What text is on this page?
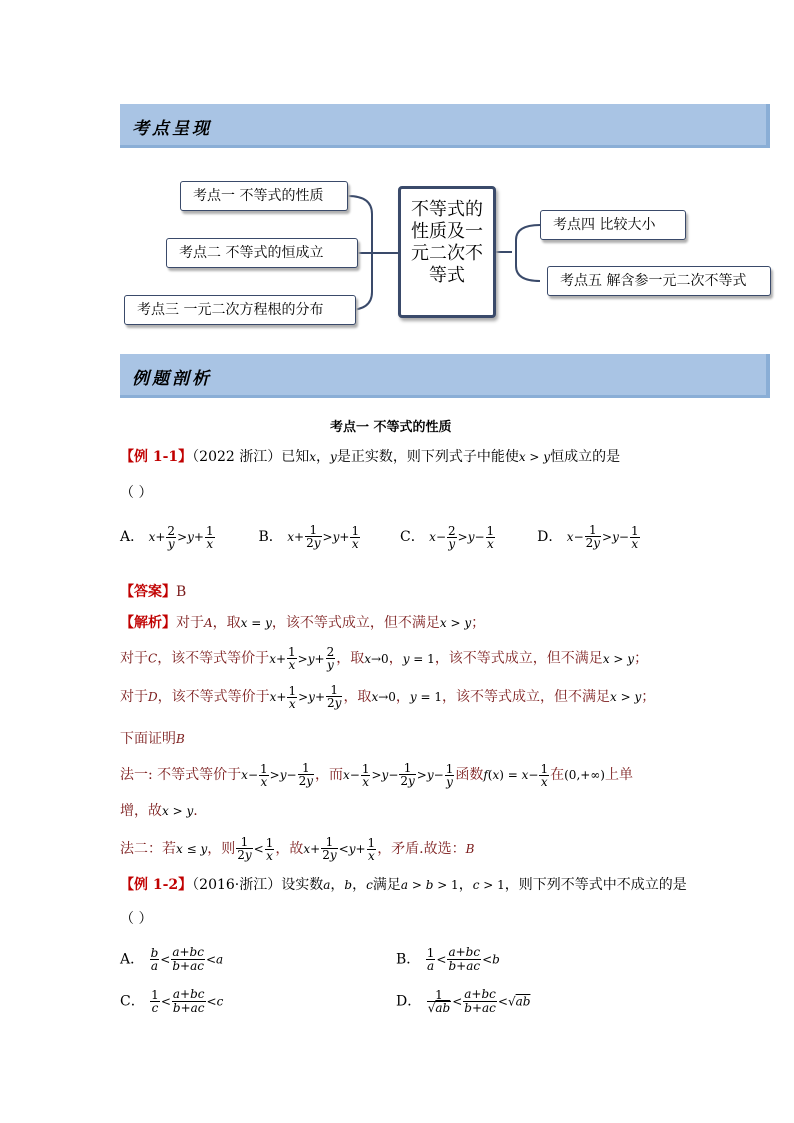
考点呈现
考点一 不等式的性质
考点二 不等式的恒成立
考点三 一元二次方程根的分布
不等式的性质及一元二次不等式
考点四 比较大小
考点五 解含参一元二次不等式
例题剖析
考点一 不等式的性质
【例 1-1】（2022 浙江）已知x，y是正实数，则下列式子中能使x > y恒成立的是
（ ）
A． $x+ \frac{2}{y} >y+ \frac{1}{x}$	B． $x+ \frac{1}{2y} >y+ \frac{1}{x}$	C． $x- \frac{2}{y} >y- \frac{1}{x}$	D． $x- \frac{1}{2y} >y- \frac{1}{x}$
【答案】B
【解析】对于A，取x = y，该不等式成立，但不满足x > y；
对于C，该不等式等价于$x+ \frac{1}{x} >y+ \frac{2}{y}$ ，取x→0，y = 1，该不等式成立，但不满足x > y；
对于D，该不等式等价于$x+ \frac{1}{x} >y+ \frac{1}{2y}$ ，取x→0，y = 1，该不等式成立，但不满足x > y；
下面证明B
法一: 不等式等价于$x- \frac{1}{x} >y- \frac{1}{2y}$ ，而$x- \frac{1}{x} >y- \frac{1}{2y} >y- \frac{1}{y}$ 函数$f(x) = x- \frac{1}{x}$ 在(0,+∞)上单
增，故x > y.
法二：若x ≤ y，则 $\frac{1}{2y} < \frac{1}{x}$ ，故$x+ \frac{1}{2y} <y+ \frac{1}{x}$ ，矛盾.故选：B
【例 1-2】（2016·浙江）设实数a，b，c满足a > b > 1，c > 1，则下列不等式中不成立的是
（ ）
A． $\frac{b}{a} < \frac{a+bc}{b+ac} <a$	B． $\frac{1}{a} < \frac{a+bc}{b+ac} <b$
C． $\frac{1}{c} < \frac{a+bc}{b+ac} <c$	D． $\frac{1}{√ab} < \frac{a+bc}{b+ac} <√ab$
